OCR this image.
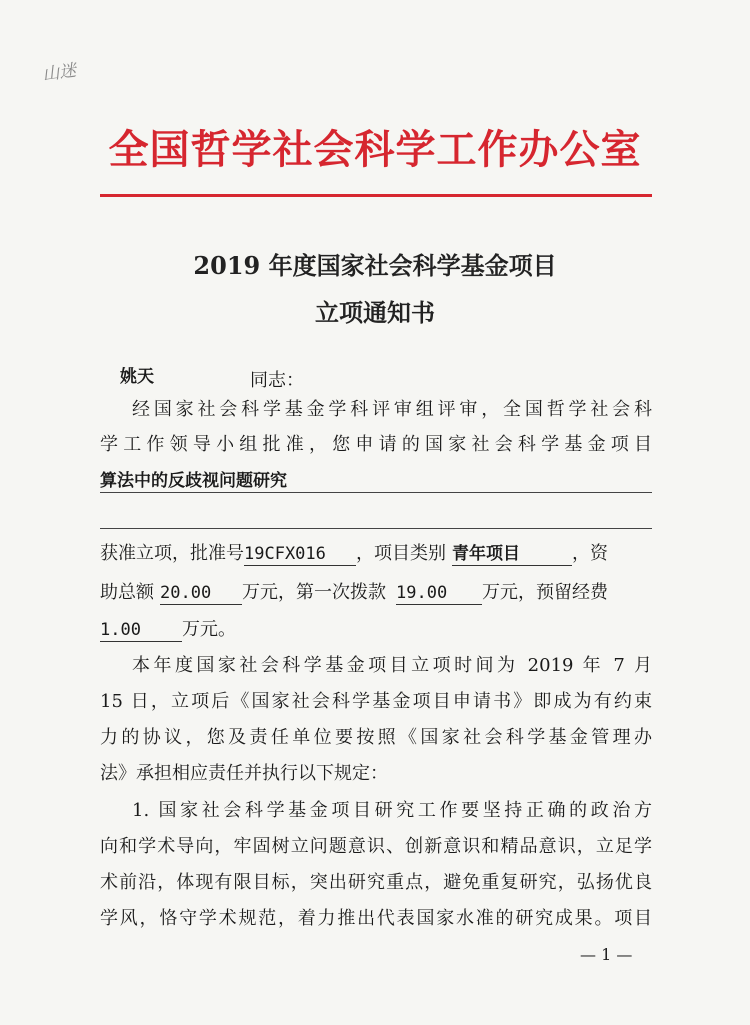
山迷
全国哲学社会科学工作办公室
2019 年度国家社会科学基金项目
立项通知书
姚天	同志：
经国家社会科学基金学科评审组评审，全国哲学社会科
学工作领导小组批准，您申请的国家社会科学基金项目
算法中的反歧视问题研究
获准立项，批准号19CFX016 ，项目类别 青年项目	，资
助总额 20.00 万元，第一次拨款 19.00 万元，预留经费
1.00 万元。
本年度国家社会科学基金项目立项时间为 2019 年 7 月
15 日，立项后《国家社会科学基金项目申请书》即成为有约束
力的协议，您及责任单位要按照《国家社会科学基金管理办
法》承担相应责任并执行以下规定：
1. 国家社会科学基金项目研究工作要坚持正确的政治方
向和学术导向，牢固树立问题意识、创新意识和精品意识，立足学
术前沿，体现有限目标，突出研究重点，避免重复研究，弘扬优良
学风，恪守学术规范，着力推出代表国家水准的研究成果。项目
— 1 —
